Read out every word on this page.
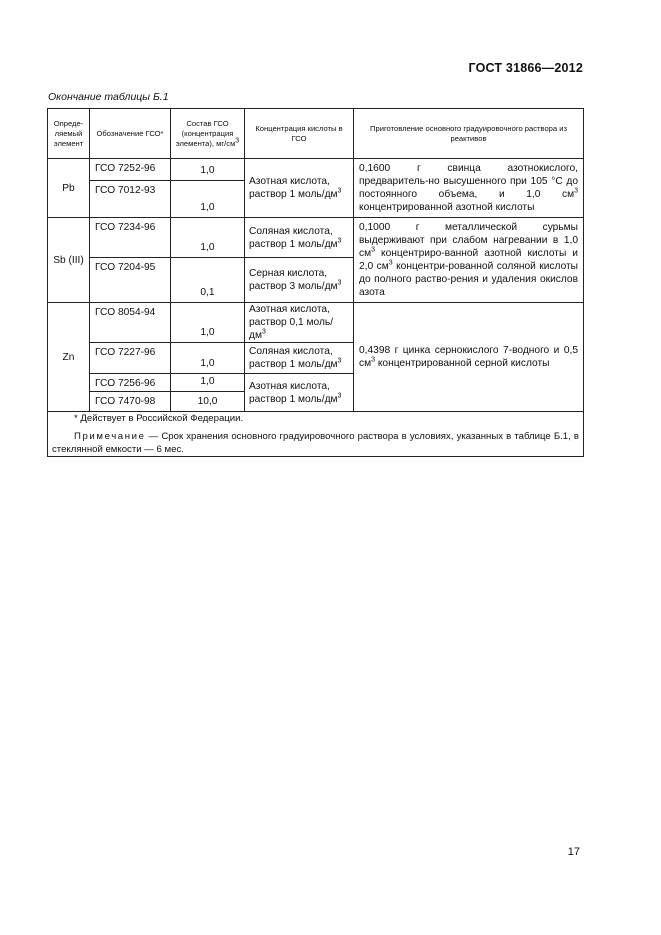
ГОСТ 31866—2012
Окончание таблицы Б.1
Опреде-ляемый элемент	Обозначение ГСО*	Состав ГСО (концентрация элемента), $мг/см^3$	Концентрация кислоты в ГСО	Приготовление основного градуировочного раствора из реактивов
Pb	ГСО 7252-96	1,0	Азотная кислота, раствор 1 моль/$дм^3$	0,1600 г свинца азотнокислого, предваритель-но высушенного при 105 °С до постоянного объема, и 1,0 $см^3$ концентрированной азотной кислоты
	ГСО 7012-93	1,0		
Sb (III)	ГСО 7234-96	1,0	Соляная кислота, раствор 1 моль/$дм^3$	0,1000 г металлической сурьмы выдерживают при слабом нагревании в 1,0 $см^3$ концентриро-ванной азотной кислоты и 2,0 $см^3$ концентри-рованной соляной кислоты до полного раство-рения и удаления окислов азота
	ГСО 7204-95	0,1	Серная кислота, раствор 3 моль/$дм^3$
Zn	ГСО 8054-94	1,0	Азотная кислота, раствор 0,1 моль/$дм^3$	0,4398 г цинка сернокислого 7-водного и 0,5 $см^3$ концентрированной серной кислоты
	ГСО 7227-96	1,0	Соляная кислота, раствор 1 моль/$дм^3$
	ГСО 7256-96	1,0	Азотная кислота, раствор 1 моль/$дм^3$
	ГСО 7470-98	10,0		

* Действует в Российской Федерации.
Примечание — Срок хранения основного градуировочного раствора в условиях, указанных в таблице Б.1, в стеклянной емкости — 6 мес.				
17
